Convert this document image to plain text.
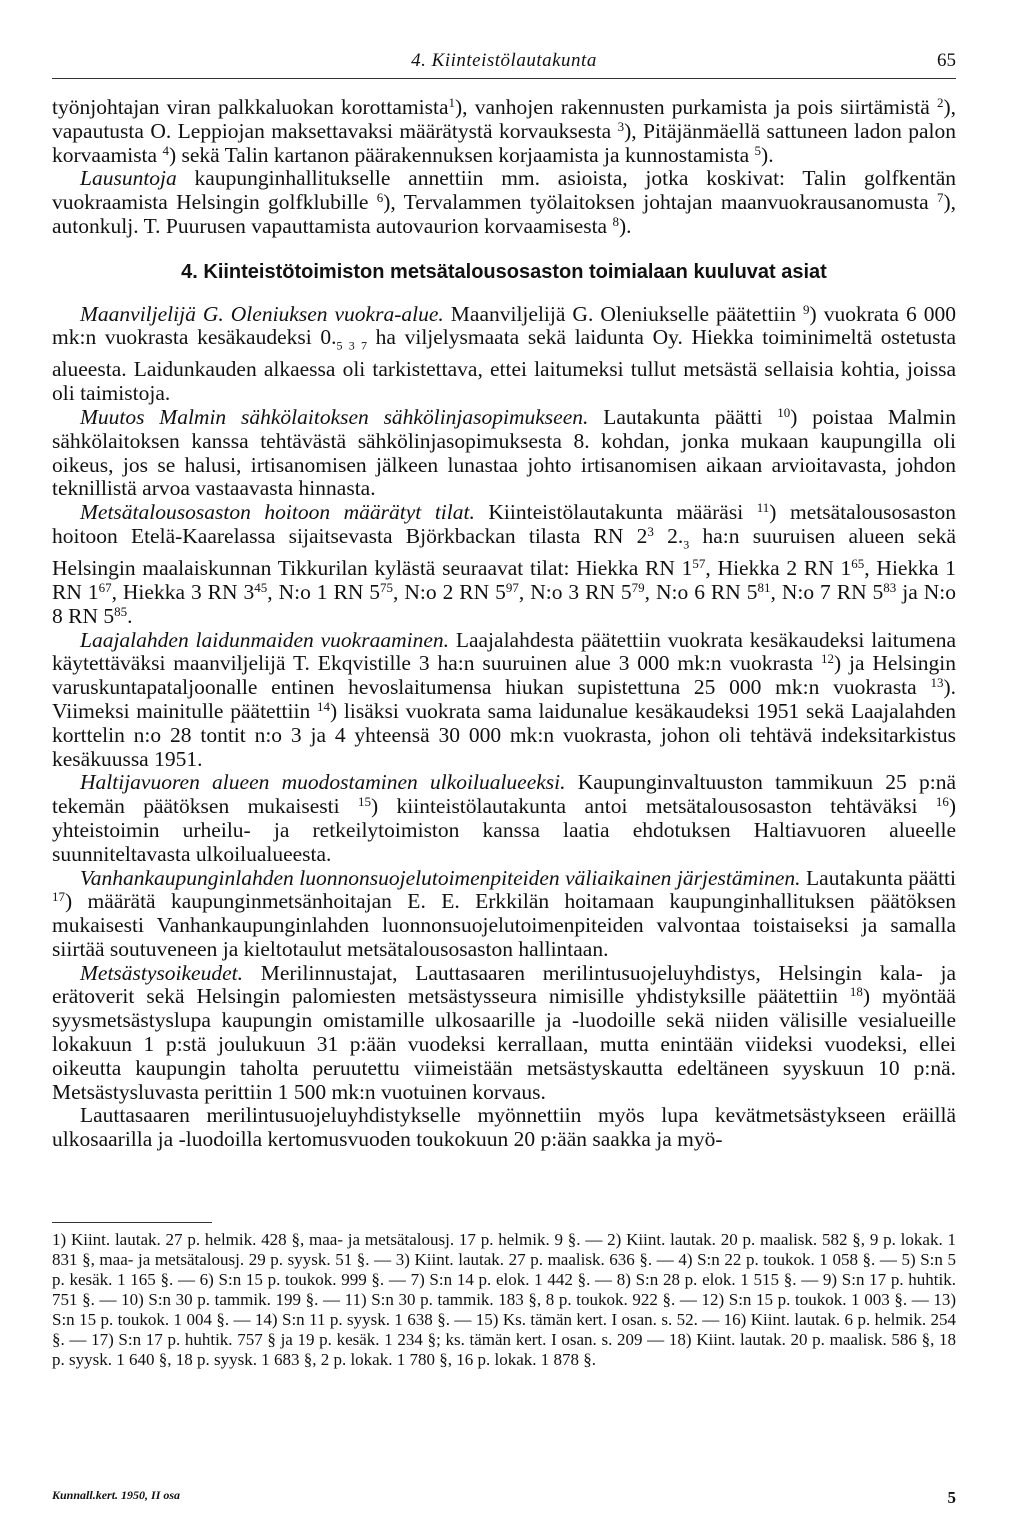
4. Kiinteistölautakunta	65

työnjohtajan viran palkkaluokan korottamista$^1$), vanhojen rakennusten purkamista ja pois siirtämistä $^2$), vapautusta O. Leppiojan maksettavaksi määrätystä korvauksesta $^3$), Pitäjänmäellä sattuneen ladon palon korvaamista $^4$) sekä Talin kartanon päärakennuksen korjaamista ja kunnostamista $^5$).

Lausuntoja kaupunginhallitukselle annettiin mm. asioista, jotka koskivat: Talin golfkentän vuokraamista Helsingin golfklubille $^6$), Tervalammen työlaitoksen johtajan maanvuokrausanomusta $^7$), autonkulj. T. Puurusen vapauttamista autovaurion korvaamisesta $^8$).

4. Kiinteistötoimiston metsätalousosaston toimialaan kuuluvat asiat

Maanviljelijä G. Oleniuksen vuokra-alue. Maanviljelijä G. Oleniukselle päätettiin $^9$) vuokrata 6 000 mk:n vuokrasta kesäkaudeksi $0._{5 3 7}$ ha viljelysmaata sekä laidunta Oy. Hiekka toiminimeltä ostetusta alueesta. Laidunkauden alkaessa oli tarkistettava, ettei laitumeksi tullut metsästä sellaisia kohtia, joissa oli taimistoja.

Muutos Malmin sähkölaitoksen sähkölinjasopimukseen. Lautakunta päätti $^{10}$) poistaa Malmin sähkölaitoksen kanssa tehtävästä sähkölinjasopimuksesta 8. kohdan, jonka mukaan kaupungilla oli oikeus, jos se halusi, irtisanomisen jälkeen lunastaa johto irtisanomisen aikaan arvioitavasta, johdon teknillistä arvoa vastaavasta hinnasta.

Metsätalousosaston hoitoon määrätyt tilat. Kiinteistölautakunta määräsi $^{11}$) metsätalousosaston hoitoon Etelä-Kaarelassa sijaitsevasta Björkbackan tilasta RN $2^3$ $2._3$ ha:n suuruisen alueen sekä Helsingin maalaiskunnan Tikkurilan kylästä seuraavat tilat: Hiekka RN $1^{57}$, Hiekka 2 RN $1^{65}$, Hiekka 1 RN $1^{67}$, Hiekka 3 RN $3^{45}$, N:o 1 RN $5^{75}$, N:o 2 RN $5^{97}$, N:o 3 RN $5^{79}$, N:o 6 RN $5^{81}$, N:o 7 RN $5^{83}$ ja N:o 8 RN $5^{85}$.

Laajalahden laidunmaiden vuokraaminen. Laajalahdesta päätettiin vuokrata kesäkaudeksi laitumena käytettäväksi maanviljelijä T. Ekqvistille 3 ha:n suuruinen alue 3 000 mk:n vuokrasta $^{12}$) ja Helsingin varuskuntapataljoonalle entinen hevoslaitumensa hiukan supistettuna 25 000 mk:n vuokrasta $^{13}$). Viimeksi mainitulle päätettiin $^{14}$) lisäksi vuokrata sama laidunalue kesäkaudeksi 1951 sekä Laajalahden korttelin n:o 28 tontit n:o 3 ja 4 yhteensä 30 000 mk:n vuokrasta, johon oli tehtävä indeksitarkistus kesäkuussa 1951.

Haltijavuoren alueen muodostaminen ulkoilualueeksi. Kaupunginvaltuuston tammikuun 25 p:nä tekemän päätöksen mukaisesti $^{15}$) kiinteistölautakunta antoi metsätalousosaston tehtäväksi $^{16}$) yhteistoimin urheilu- ja retkeilytoimiston kanssa laatia ehdotuksen Haltiavuoren alueelle suunniteltavasta ulkoilualueesta.

Vanhankaupunginlahden luonnonsuojelutoimenpiteiden väliaikainen järjestäminen. Lautakunta päätti $^{17}$) määrätä kaupunginmetsänhoitajan E. E. Erkkilän hoitamaan kaupunginhallituksen päätöksen mukaisesti Vanhankaupunginlahden luonnonsuojelutoimenpiteiden valvontaa toistaiseksi ja samalla siirtää soutuveneen ja kieltotaulut metsätalousosaston hallintaan.

Metsästysoikeudet. Merilinnustajat, Lauttasaaren merilintusuojeluyhdistys, Helsingin kala- ja erätoverit sekä Helsingin palomiesten metsästysseura nimisille yhdistyksille päätettiin $^{18}$) myöntää syysmetsästyslupa kaupungin omistamille ulkosaarille ja -luodoille sekä niiden välisille vesialueille lokakuun 1 p:stä joulukuun 31 p:ään vuodeksi kerrallaan, mutta enintään viideksi vuodeksi, ellei oikeutta kaupungin taholta peruutettu viimeistään metsästyskautta edeltäneen syyskuun 10 p:nä. Metsästysluvasta perittiin 1 500 mk:n vuotuinen korvaus.

Lauttasaaren merilintusuojeluyhdistykselle myönnettiin myös lupa kevätmetsästykseen eräillä ulkosaarilla ja -luodoilla kertomusvuoden toukokuun 20 p:ään saakka ja myö-

1) Kiint. lautak. 27 p. helmik. 428 §, maa- ja metsätalousj. 17 p. helmik. 9 §. — 2) Kiint. lautak. 20 p. maalisk. 582 §, 9 p. lokak. 1 831 §, maa- ja metsätalousj. 29 p. syysk. 51 §. — 3) Kiint. lautak. 27 p. maalisk. 636 §. — 4) S:n 22 p. toukok. 1 058 §. — 5) S:n 5 p. kesäk. 1 165 §. — 6) S:n 15 p. toukok. 999 §. — 7) S:n 14 p. elok. 1 442 §. — 8) S:n 28 p. elok. 1 515 §. — 9) S:n 17 p. huhtik. 751 §. — 10) S:n 30 p. tammik. 199 §. — 11) S:n 30 p. tammik. 183 §, 8 p. toukok. 922 §. — 12) S:n 15 p. toukok. 1 003 §. — 13) S:n 15 p. toukok. 1 004 §. — 14) S:n 11 p. syysk. 1 638 §. — 15) Ks. tämän kert. I osan. s. 52. — 16) Kiint. lautak. 6 p. helmik. 254 §. — 17) S:n 17 p. huhtik. 757 § ja 19 p. kesäk. 1 234 §; ks. tämän kert. I osan. s. 209 — 18) Kiint. lautak. 20 p. maalisk. 586 §, 18 p. syysk. 1 640 §, 18 p. syysk. 1 683 §, 2 p. lokak. 1 780 §, 16 p. lokak. 1 878 §.

Kunnall.kert. 1950, II osa	5
